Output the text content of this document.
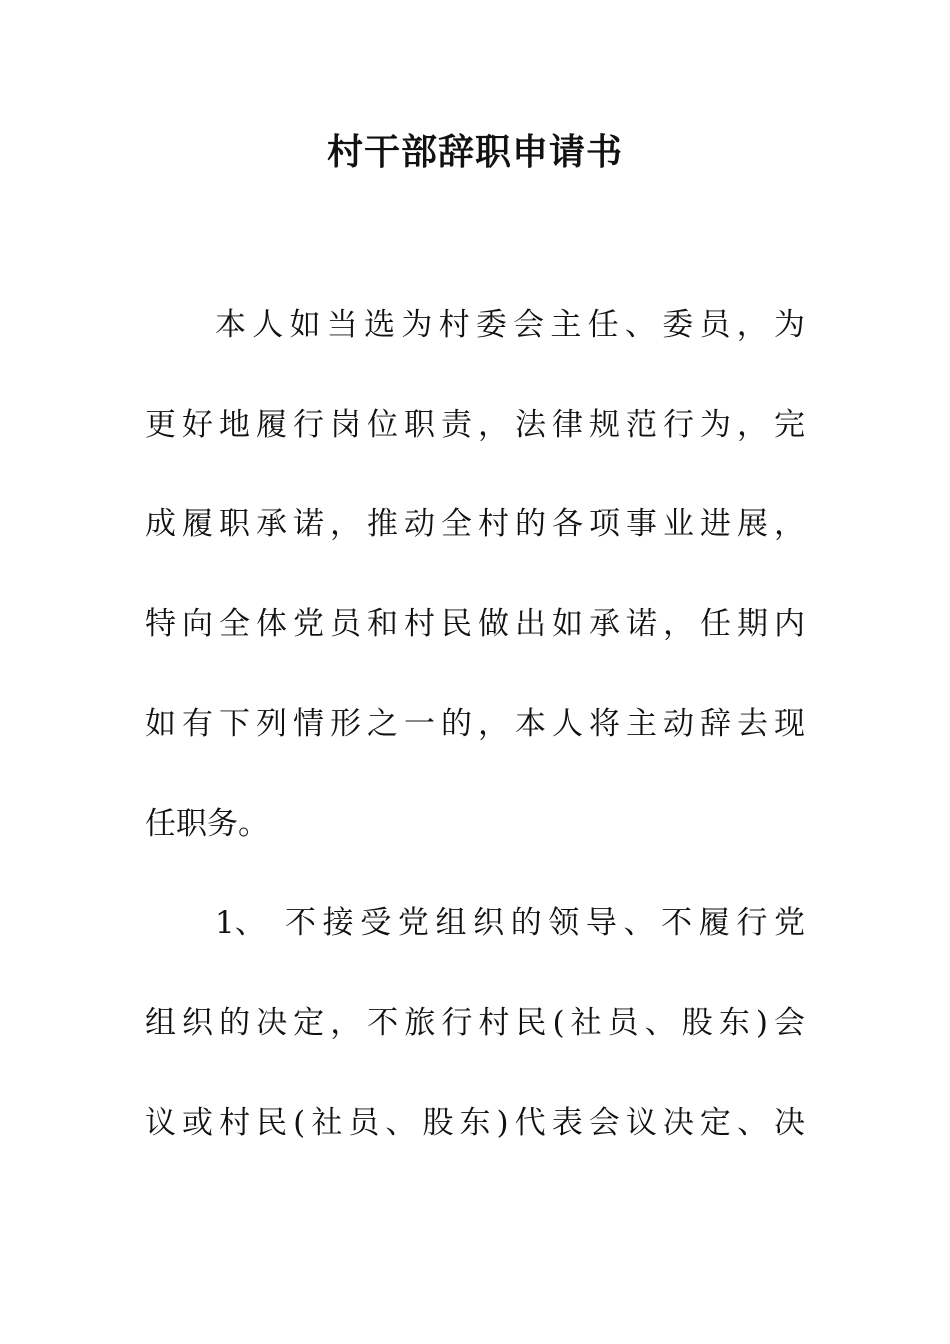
村干部辞职申请书

本人如当选为村委会主任、委员，为

更好地履行岗位职责，法律规范行为，完

成履职承诺，推动全村的各项事业进展，

特向全体党员和村民做出如承诺，任期内

如有下列情形之一的，本人将主动辞去现

任职务。

1、 不接受党组织的领导、不履行党

组织的决定，不旅行村民(社员、股东)会

议或村民(社员、股东)代表会议决定、决
